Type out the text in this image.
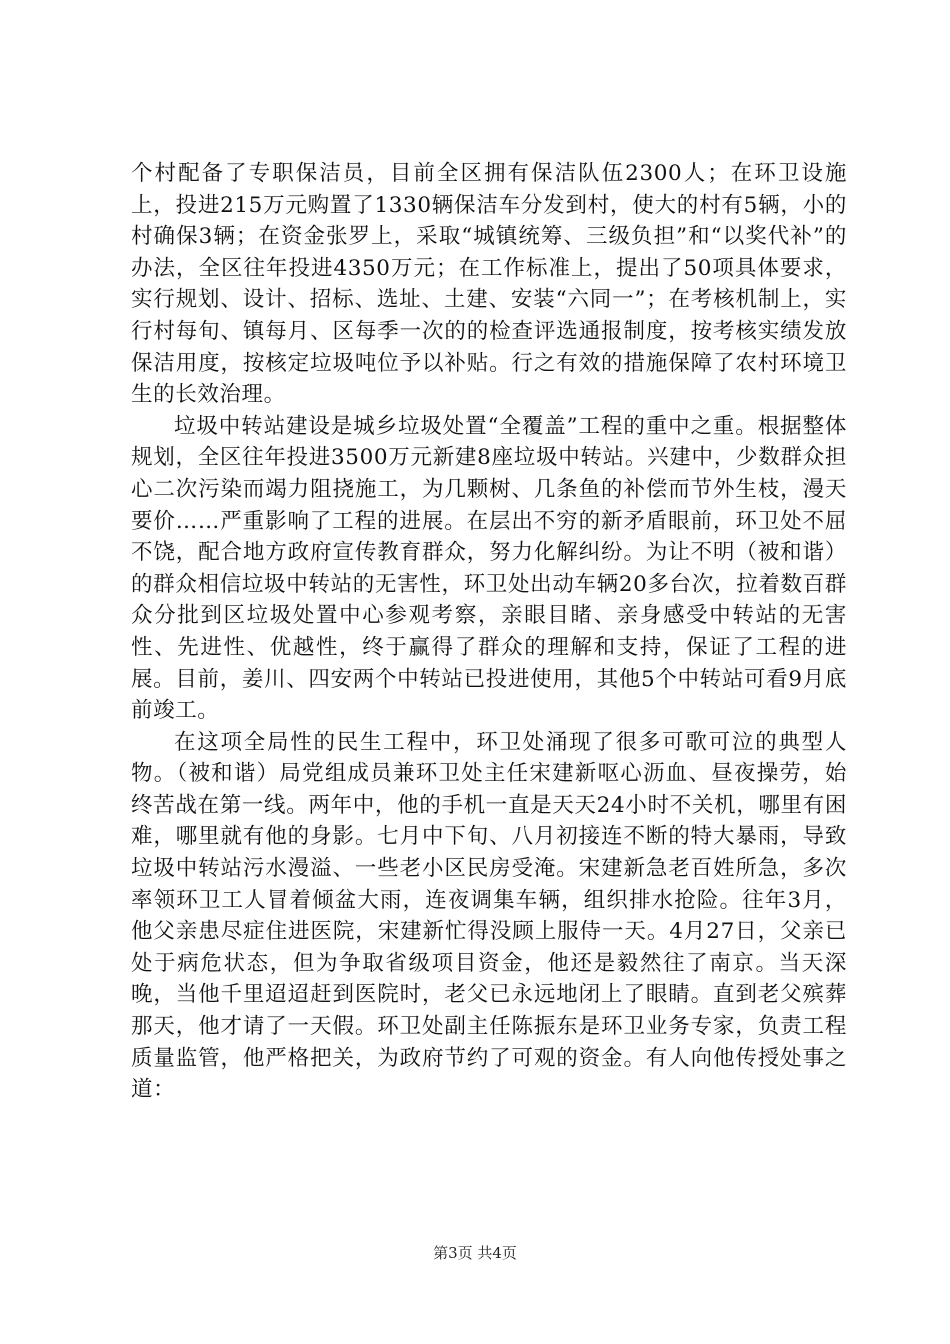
个村配备了专职保洁员，目前全区拥有保洁队伍2300人；在环卫设施上，投进215万元购置了1330辆保洁车分发到村，使大的村有5辆，小的村确保3辆；在资金张罗上，采取“城镇统筹、三级负担”和“以奖代补”的办法，全区往年投进4350万元；在工作标准上，提出了50项具体要求，实行规划、设计、招标、选址、土建、安装“六同一”；在考核机制上，实行村每旬、镇每月、区每季一次的的检查评选通报制度，按考核实绩发放保洁用度，按核定垃圾吨位予以补贴。行之有效的措施保障了农村环境卫生的长效治理。

垃圾中转站建设是城乡垃圾处置“全覆盖”工程的重中之重。根据整体规划，全区往年投进3500万元新建8座垃圾中转站。兴建中，少数群众担心二次污染而竭力阻挠施工，为几颗树、几条鱼的补偿而节外生枝，漫天要价……严重影响了工程的进展。在层出不穷的新矛盾眼前，环卫处不屈不饶，配合地方政府宣传教育群众，努力化解纠纷。为让不明（被和谐）的群众相信垃圾中转站的无害性，环卫处出动车辆20多台次，拉着数百群众分批到区垃圾处置中心参观考察，亲眼目睹、亲身感受中转站的无害性、先进性、优越性，终于赢得了群众的理解和支持，保证了工程的进展。目前，姜川、四安两个中转站已投进使用，其他5个中转站可看9月底前竣工。

在这项全局性的民生工程中，环卫处涌现了很多可歌可泣的典型人物。（被和谐）局党组成员兼环卫处主任宋建新呕心沥血、昼夜操劳，始终苦战在第一线。两年中，他的手机一直是天天24小时不关机，哪里有困难，哪里就有他的身影。七月中下旬、八月初接连不断的特大暴雨，导致垃圾中转站污水漫溢、一些老小区民房受淹。宋建新急老百姓所急，多次率领环卫工人冒着倾盆大雨，连夜调集车辆，组织排水抢险。往年3月，他父亲患尽症住进医院，宋建新忙得没顾上服侍一天。4月27日，父亲已处于病危状态，但为争取省级项目资金，他还是毅然往了南京。当天深晚，当他千里迢迢赶到医院时，老父已永远地闭上了眼睛。直到老父殡葬那天，他才请了一天假。环卫处副主任陈振东是环卫业务专家，负责工程质量监管，他严格把关，为政府节约了可观的资金。有人向他传授处事之道：

第3页 共4页
